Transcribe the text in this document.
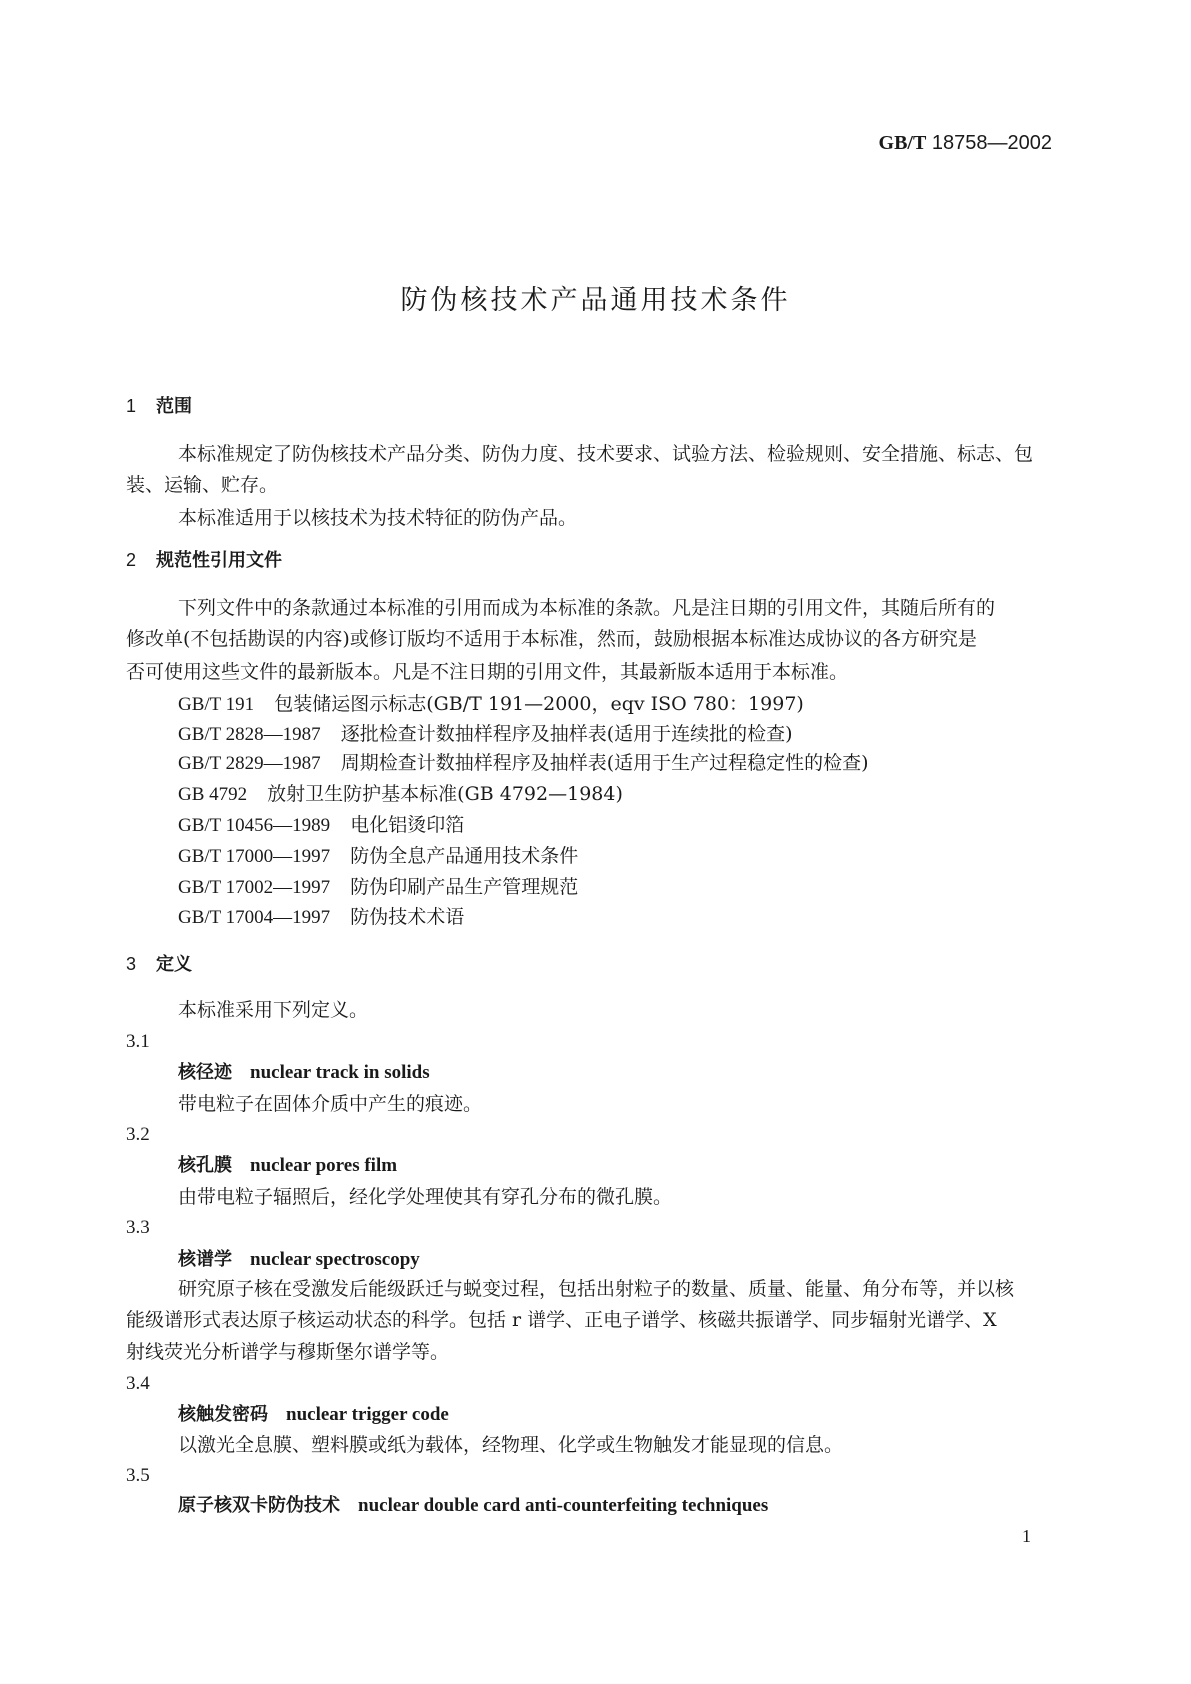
GB/T 18758—2002
防伪核技术产品通用技术条件
1 范围
本标准规定了防伪核技术产品分类、防伪力度、技术要求、试验方法、检验规则、安全措施、标志、包
装、运输、贮存。
本标准适用于以核技术为技术特征的防伪产品。
2 规范性引用文件
下列文件中的条款通过本标准的引用而成为本标准的条款。凡是注日期的引用文件，其随后所有的
修改单(不包括勘误的内容)或修订版均不适用于本标准，然而，鼓励根据本标准达成协议的各方研究是
否可使用这些文件的最新版本。凡是不注日期的引用文件，其最新版本适用于本标准。
GB/T 191 包装储运图示标志(GB/T 191—2000，eqv ISO 780：1997)
GB/T 2828—1987 逐批检查计数抽样程序及抽样表(适用于连续批的检查)
GB/T 2829—1987 周期检查计数抽样程序及抽样表(适用于生产过程稳定性的检查)
GB 4792 放射卫生防护基本标准(GB 4792—1984)
GB/T 10456—1989 电化铝烫印箔
GB/T 17000—1997 防伪全息产品通用技术条件
GB/T 17002—1997 防伪印刷产品生产管理规范
GB/T 17004—1997 防伪技术术语
3 定义
本标准采用下列定义。
3.1
核径迹 nuclear track in solids
带电粒子在固体介质中产生的痕迹。
3.2
核孔膜 nuclear pores film
由带电粒子辐照后，经化学处理使其有穿孔分布的微孔膜。
3.3
核谱学 nuclear spectroscopy
研究原子核在受激发后能级跃迁与蜕变过程，包括出射粒子的数量、质量、能量、角分布等，并以核
能级谱形式表达原子核运动状态的科学。包括 r 谱学、正电子谱学、核磁共振谱学、同步辐射光谱学、X
射线荧光分析谱学与穆斯堡尔谱学等。
3.4
核触发密码 nuclear trigger code
以激光全息膜、塑料膜或纸为载体，经物理、化学或生物触发才能显现的信息。
3.5
原子核双卡防伪技术 nuclear double card anti-counterfeiting techniques
1
